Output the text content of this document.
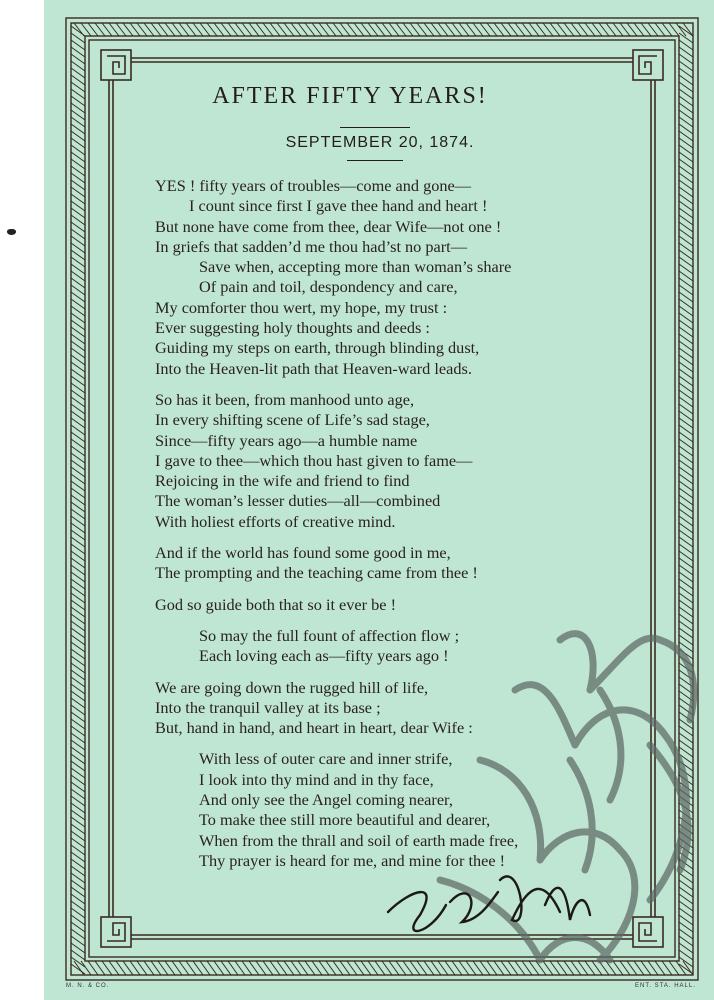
AFTER FIFTY YEARS!
SEPTEMBER 20, 1874.
YES ! fifty years of troubles—come and gone—
I count since first I gave thee hand and heart !
But none have come from thee, dear Wife—not one !
In griefs that sadden’d me thou had’st no part—
Save when, accepting more than woman’s share
Of pain and toil, despondency and care,
My comforter thou wert, my hope, my trust :
Ever suggesting holy thoughts and deeds :
Guiding my steps on earth, through blinding dust,
Into the Heaven-lit path that Heaven-ward leads.
So has it been, from manhood unto age,
In every shifting scene of Life’s sad stage,
Since—fifty years ago—a humble name
I gave to thee—which thou hast given to fame—
Rejoicing in the wife and friend to find
The woman’s lesser duties—all—combined
With holiest efforts of creative mind.
And if the world has found some good in me,
The prompting and the teaching came from thee !
God so guide both that so it ever be !
So may the full fount of affection flow ;
Each loving each as—fifty years ago !
We are going down the rugged hill of life,
Into the tranquil valley at its base ;
But, hand in hand, and heart in heart, dear Wife :
With less of outer care and inner strife,
I look into thy mind and in thy face,
And only see the Angel coming nearer,
To make thee still more beautiful and dearer,
When from the thrall and soil of earth made free,
Thy prayer is heard for me, and mine for thee !
M. N. & CO.	ENT. STA. HALL.
